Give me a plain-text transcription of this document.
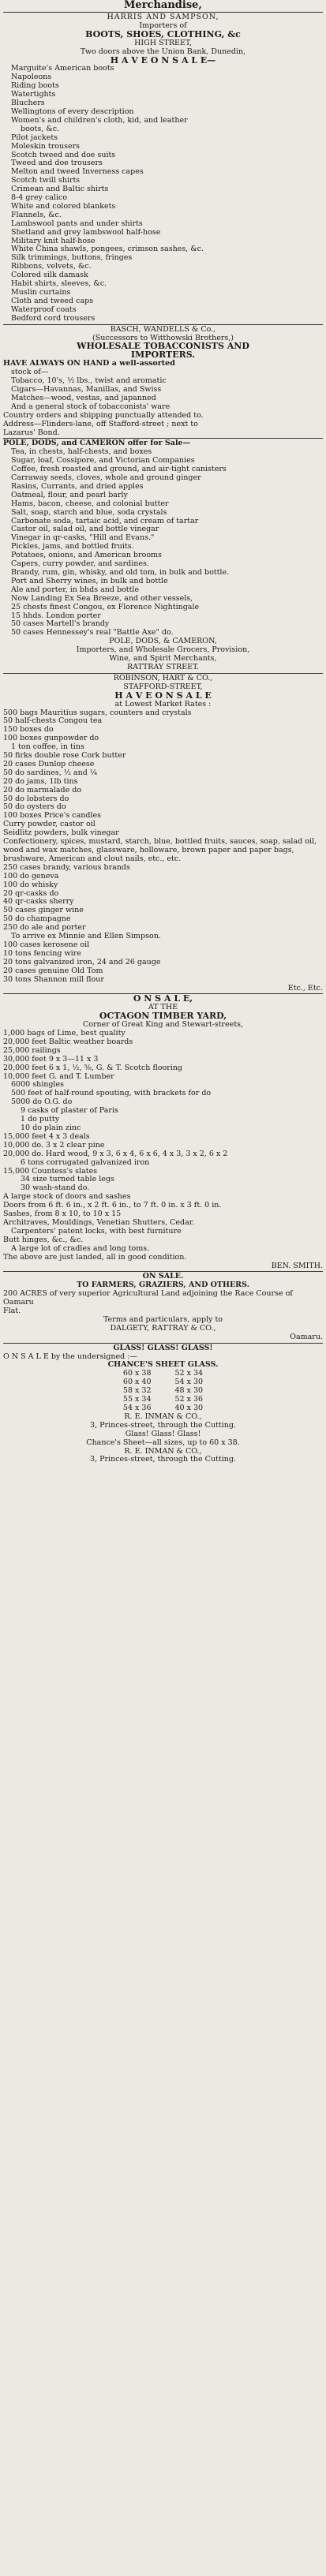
Merchandise,
HARRIS AND SAMPSON,
Importers of
BOOTS, SHOES, CLOTHING, &c
HIGH STREET,
Two doors above the Union Bank, Dunedin,
H A V E O N S A L E—
Marguite's American boots
Napoleons
Riding boots
Watertights
Bluchers
Wellingtons of every description
Women's and children's cloth, kid, and leather
boots, &c.
Pilot jackets
Moleskin trousers
Scotch tweed and doe suits
Tweed and doe trousers
Melton and tweed Inverness capes
Scotch twill shirts
Crimean and Baltic shirts
8-4 grey calico
White and colored blankets
Flannels, &c.
Lambswool pants and under shirts
Shetland and grey lambswool half-hose
Military knit half-hose
White China shawls, pongees, crimson sashes, &c.
Silk trimmings, buttons, fringes
Ribbons, velvets, &c.
Colored silk damask
Habit shirts, sleeves, &c.
Muslin curtains
Cloth and tweed caps
Waterproof coats
Bedford cord trousers
BASCH, WANDELLS & Co.,
(Successors to Witthowski Brothers,)
WHOLESALE TOBACCONISTS AND
IMPORTERS.
HAVE ALWAYS ON HAND a well-assorted
stock of—
Tobacco, 10's, ½ lbs., twist and aromatic
Cigars—Havannas, Manillas, and Swiss
Matches—wood, vestas, and japanned
And a general stock of tobacconists' ware
Country orders and shipping punctually attended to.
Address—Flinders-lane, off Stafford-street ; next to
Lazarus' Bond.
POLE, DODS, and CAMERON offer for Sale—
Tea, in chests, half-chests, and boxes
Sugar, loaf, Cossipore, and Victorian Companies
Coffee, fresh roasted and ground, and air-tight canisters
Carraway seeds, cloves, whole and ground ginger
Rasins, Currants, and dried apples
Oatmeal, flour, and pearl barly
Hams, bacon, cheese, and colonial butter
Salt, soap, starch and blue, soda crystals
Carbonate soda, tartaic acid, and cream of tartar
Castor oil, salad oil, and bottle vinegar
Vinegar in qr-casks, "Hill and Evans."
Pickles, jams, and bottled fruits.
Potatoes, onions, and American brooms
Capers, curry powder, and sardines.
Brandy, rum, gin, whisky, and old tom, in bulk and bottle.
Port and Sherry wines, in bulk and bottle
Ale and porter, in bhds and bottle
Now Landing Ex Sea Breeze, and other vessels,
25 chests finest Congou, ex Florence Nightingale
15 hhds. London porter
50 cases Martell's brandy
50 cases Hennessey's real "Battle Axe" do.
POLE, DODS, & CAMERON,
Importers, and Wholesale Grocers, Provision,
Wine, and Spirit Merchants,
RATTRAY STREET.
ROBINSON, HART & CO.,
STAFFORD-STREET,
H A V E O N S A L E
at Lowest Market Rates :
500 bags Mauritius sugars, counters and crystals
50 half-chests Congou tea
150 boxes do
100 boxes gunpowder do
1 ton coffee, in tins
50 firks double rose Cork butter
20 cases Dunlop cheese
50 do sardines, ½ and ¼
20 do jams, 1lb tins
20 do marmalade do
50 do lobsters do
50 do oysters do
100 boxes Price's candles
Curry powder, castor oil
Seidlitz powders, bulk vinegar
Confectionery, spices, mustard, starch, blue, bottled fruits, sauces, soap, salad oil, wood and wax matches, glassware, holloware, brown paper and paper bags, brushware, American and clout nails, etc., etc.
250 cases brandy, various brands
100 do geneva
100 do whisky
20 qr-casks do
40 qr-casks sherry
50 cases ginger wine
50 do champagne
250 do ale and porter
To arrive ex Minnie and Ellen Simpson.
100 cases kerosene oil
10 tons fencing wire
20 tons galvanized iron, 24 and 26 gauge
20 cases genuine Old Tom
30 tons Shannon mill flour
Etc., Etc.
O N S A L E,
AT THE
OCTAGON TIMBER YARD,
Corner of Great King and Stewart-streets,
1,000 bags of Lime, best quality
20,000 feet Baltic weather boards
25,000 railings
30,000 feet 9 x 3—11 x 3
20,000 feet 6 x 1, ½, ⅝, G. & T. Scotch flooring
10,000 feet G. and T. Lumber
6000 shingles
500 feet of half-round spouting, with brackets for do
5000 do O.G. do
9 casks of plaster of Paris
1 do putty
10 do plain zinc
15,000 feet 4 x 3 deals
10,000 do. 3 x 2 clear pine
20,000 do. Hard wood, 9 x 3, 6 x 4, 6 x 6, 4 x 3, 3 x 2, 6 x 2
6 tons corrugated galvanized iron
15,000 Countess's slates
34 size turned table legs
30 wash-stand do.
A large stock of doors and sashes
Doors from 6 ft. 6 in., x 2 ft. 6 in., to 7 ft. 0 in. x 3 ft. 0 in.
Sashes, from 8 x 10, to 10 x 15
Architraves, Mouldings, Venetian Shutters, Cedar.
Carpenters' patent locks, with best furniture
Butt hinges, &c., &c.
A large lot of cradles and long toms.
The above are just landed, all in good condition.
BEN. SMITH.
ON SALE.
TO FARMERS, GRAZIERS, AND OTHERS.
200 ACRES of very superior Agricultural Land adjoining the Race Course of Oamaru
Flat.
Terms and particulars, apply to
DALGETY, RATTRAY & CO.,
Oamaru.
GLASS! GLASS! GLASS!
O N S A L E by the undersigned :—
CHANCE'S SHEET GLASS.
60 x 38	52 x 34
60 x 40	54 x 30
58 x 32	48 x 30
55 x 34	52 x 36
54 x 36	40 x 30
R. E. INMAN & CO.,
3, Princes-street, through the Cutting.
Glass! Glass! Glass!
Chance's Sheet—all sizes, up to 60 x 38.
R. E. INMAN & CO.,
3, Princes-street, through the Cutting.
